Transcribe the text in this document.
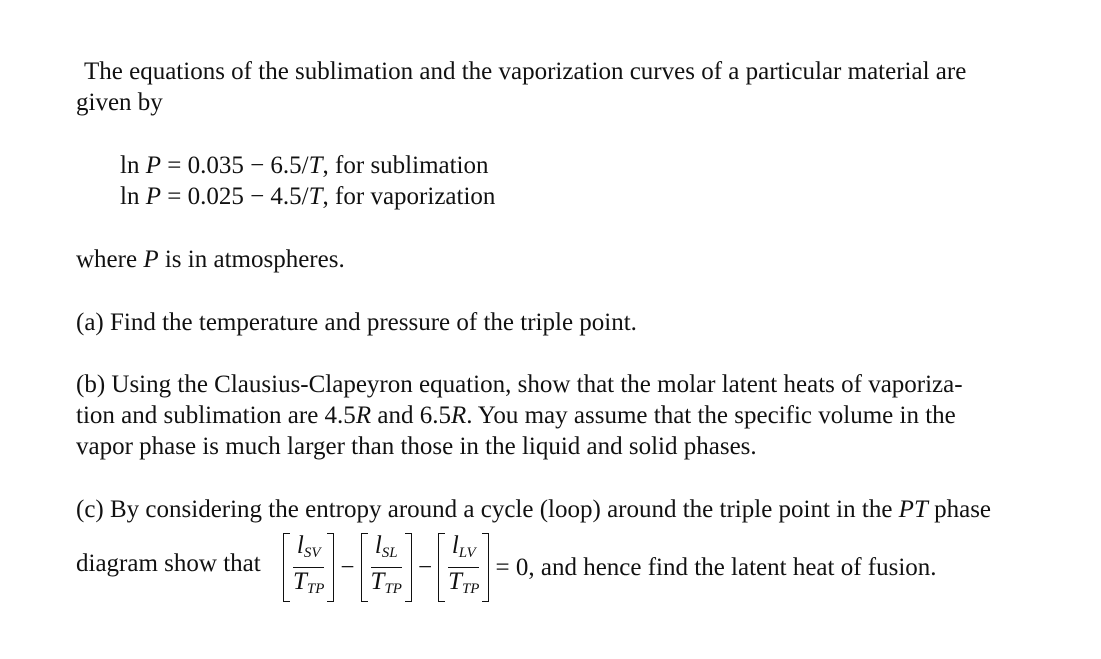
The equations of the sublimation and the vaporization curves of a particular material are
given by
ln P = 0.035 − 6.5/T, for sublimation
ln P = 0.025 − 4.5/T, for vaporization
where P is in atmospheres.
(a) Find the temperature and pressure of the triple point.
(b) Using the Clausius-Clapeyron equation, show that the molar latent heats of vaporiza-
tion and sublimation are 4.5R and 6.5R. You may assume that the specific volume in the
vapor phase is much larger than those in the liquid and solid phases.
(c) By considering the entropy around a cycle (loop) around the triple point in the PT phase
diagram show that $\frac{l_{SV}}{T_{TP}} - \frac{l_{SL}}{T_{TP}} - \frac{l_{LV}}{T_{TP}} = 0$ , and hence find the latent heat of fusion.
